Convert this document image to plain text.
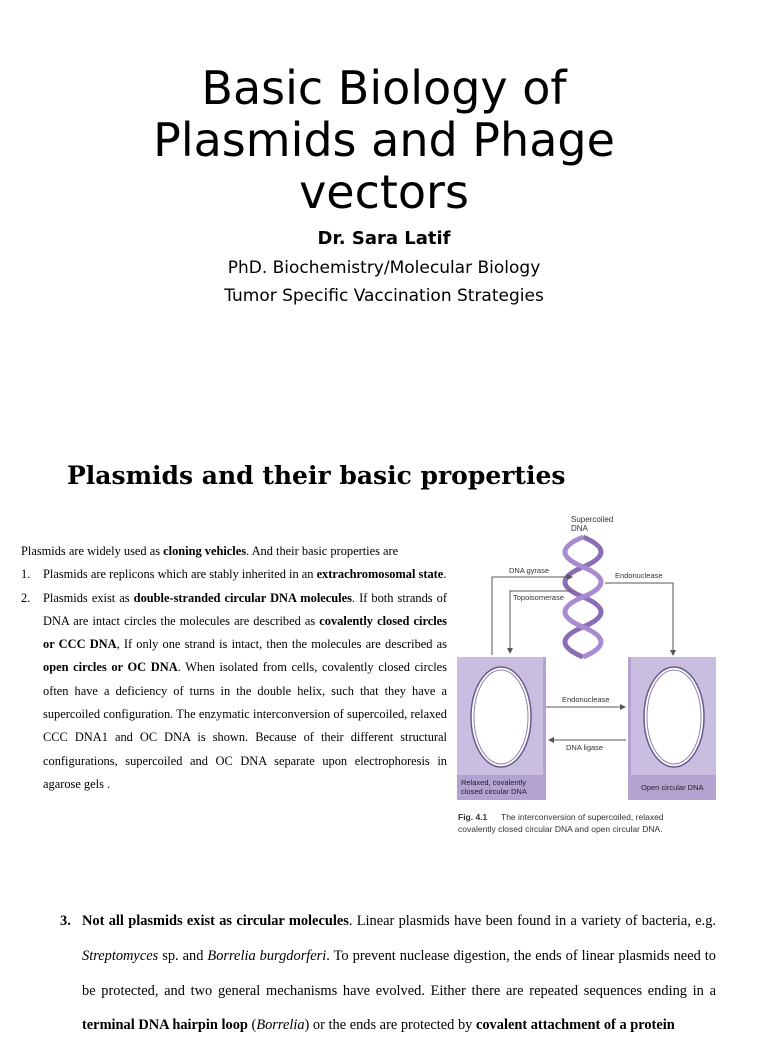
Basic Biology of
Plasmids and Phage
vectors
Dr. Sara Latif
PhD. Biochemistry/Molecular Biology
Tumor Specific Vaccination Strategies
Plasmids and their basic properties

Plasmids are widely used as cloning vehicles. And their basic properties are

1. Plasmids are replicons which are stably inherited in an extrachromosomal state.
2. Plasmids exist as double-stranded circular DNA molecules. If both strands of DNA are intact circles the molecules are described as covalently closed circles or CCC DNA, If only one strand is intact, then the molecules are described as open circles or OC DNA. When isolated from cells, covalently closed circles often have a deficiency of turns in the double helix, such that they have a supercoiled configuration. The enzymatic interconversion of supercoiled, relaxed CCC DNA1 and OC DNA is shown. Because of their different structural configurations, supercoiled and OC DNA separate upon electrophoresis in agarose gels .
Supercoiled
DNA
DNA gyrase
Topoisomerase
Endonuclease
Relaxed, covalently
closed circular DNA	Open circular DNA
Endonuclease
DNA ligase
Fig. 4.1 The interconversion of supercoiled, relaxed
covalently closed circular DNA and open circular DNA.
3. Not all plasmids exist as circular molecules. Linear plasmids have been found in a variety of bacteria, e.g. Streptomyces sp. and Borrelia burgdorferi. To prevent nuclease digestion, the ends of linear plasmids need to be protected, and two general mechanisms have evolved. Either there are repeated sequences ending in a terminal DNA hairpin loop (Borrelia) or the ends are protected by covalent attachment of a protein
